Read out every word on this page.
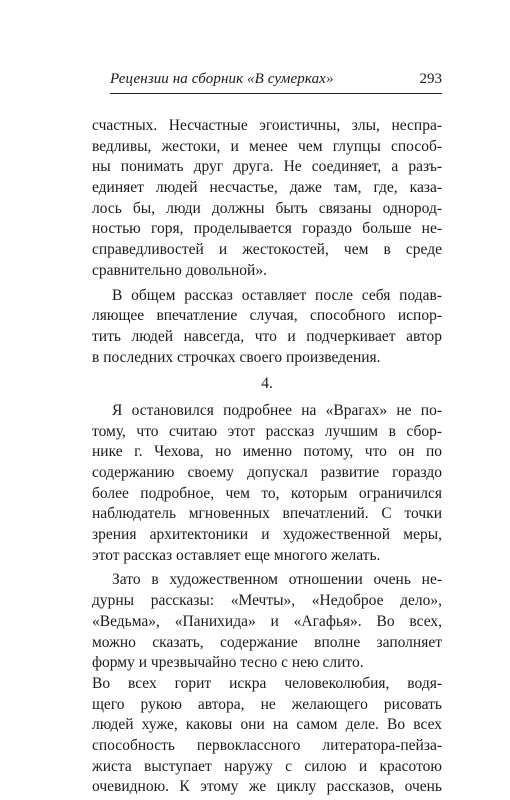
Рецензии на сборник «В сумерках»	293
счастных. Несчастные эгоистичны, злы, неспра-
ведливы, жестоки, и менее чем глупцы способ-
ны понимать друг друга. Не соединяет, а разъ-
единяет людей несчастье, даже там, где, каза-
лось бы, люди должны быть связаны однород-
ностью горя, проделывается гораздо больше не-
справедливостей и жестокостей, чем в среде
сравнительно довольной».
В общем рассказ оставляет после себя подав-
ляющее впечатление случая, способного испор-
тить людей навсегда, что и подчеркивает автор
в последних строчках своего произведения.
4.
Я остановился подробнее на «Врагах» не по-
тому, что считаю этот рассказ лучшим в сбор-
нике г. Чехова, но именно потому, что он по
содержанию своему допускал развитие гораздо
более подробное, чем то, которым ограничился
наблюдатель мгновенных впечатлений. С точки
зрения архитектоники и художественной меры,
этот рассказ оставляет еще многого желать.
Зато в художественном отношении очень не-
дурны рассказы: «Мечты», «Недоброе дело»,
«Ведьма», «Панихида» и «Агафья». Во всех,
можно сказать, содержание вполне заполняет
форму и чрезвычайно тесно с нею слито.
Во всех горит искра человеколюбия, водя-
щего рукою автора, не желающего рисовать
людей хуже, каковы они на самом деле. Во всех
способность первоклассного литератора-пейза-
жиста выступает наружу с силою и красотою
очевидною. К этому же циклу рассказов, очень
